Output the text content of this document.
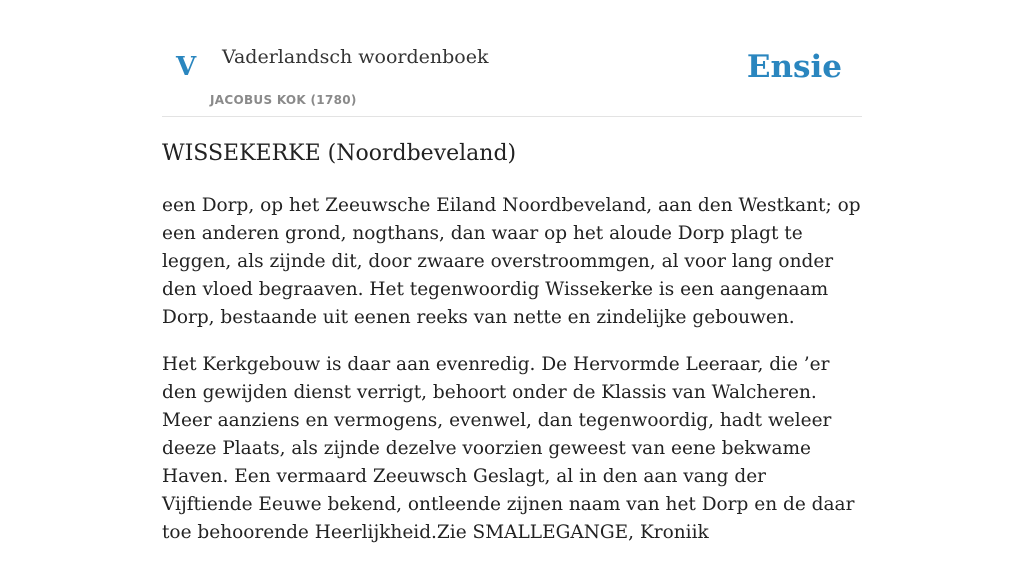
V Vaderlandsch woordenboek
JACOBUS KOK (1780)
Ensie
WISSEKERKE (Noordbeveland)

een Dorp, op het Zeeuwsche Eiland Noordbeveland, aan den Westkant; op een anderen grond, nogthans, dan waar op het aloude Dorp plagt te leggen, als zijnde dit, door zwaare overstroommgen, al voor lang onder den vloed begraaven. Het tegenwoordig Wissekerke is een aangenaam Dorp, bestaande uit eenen reeks van nette en zindelijke gebouwen.

Het Kerkgebouw is daar aan evenredig. De Hervormde Leeraar, die ’er den gewijden dienst verrigt, behoort onder de Klassis van Walcheren. Meer aanziens en vermogens, evenwel, dan tegenwoordig, hadt weleer deeze Plaats, als zijnde dezelve voorzien geweest van eene bekwame Haven. Een vermaard Zeeuwsch Geslagt, al in den aan vang der Vijftiende Eeuwe bekend, ontleende zijnen naam van het Dorp en de daar toe behoorende Heerlijkheid.Zie SMALLEGANGE, Kroniik
